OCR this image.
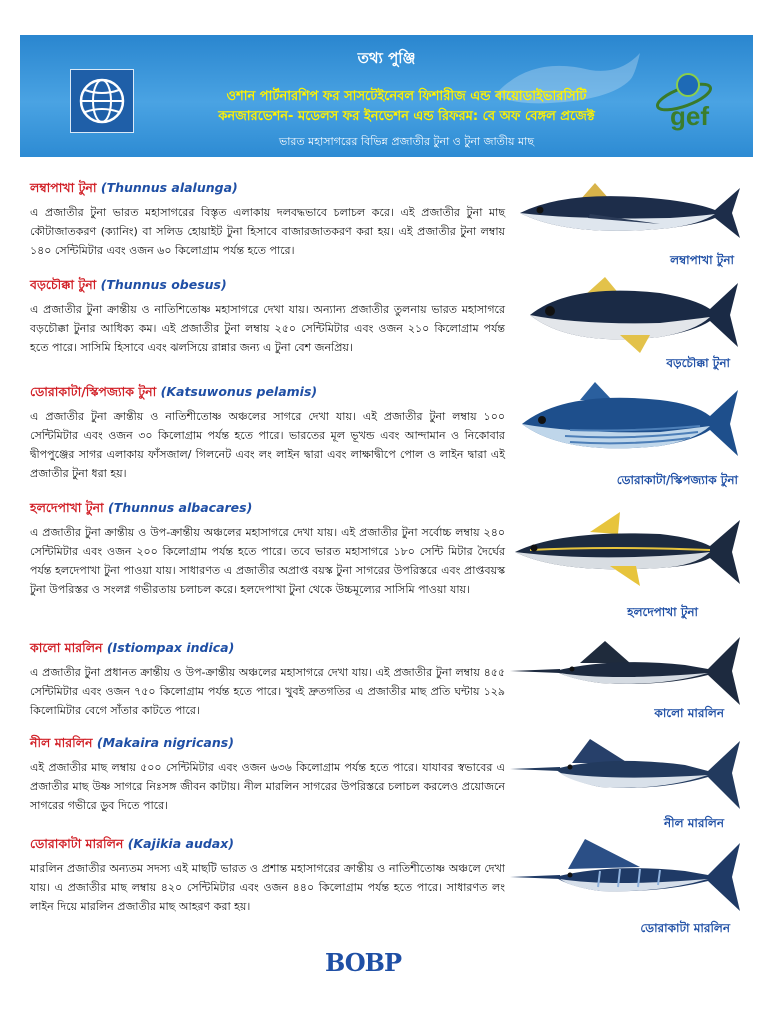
gef
তথ্য পুঞ্জি
ওশান পার্টনারশিপ ফর সাসটেইনেবল ফিশারীজ এন্ড বায়োডাইভারসিটি
কনজারভেশন- মডেলস ফর ইনভেশন এন্ড রিফরম: বে অফ বেঙ্গল প্রজেক্ট
ভারত মহাসাগরের বিভিন্ন প্রজাতীর টুনা ও টুনা জাতীয় মাছ
লম্বাপাখা টুনা (Thunnus alalunga)

এ প্রজাতীর টুনা ভারত মহাসাগরের বিস্তৃত এলাকায় দলবদ্ধভাবে চলাচল করে। এই প্রজাতীর টুনা মাছ কৌটাজাতকরণ (ক্যানিং) বা সলিড হোয়াইট টুনা হিসাবে বাজারজাতকরণ করা হয়। এই প্রজাতীর টুনা লম্বায় ১৪০ সেন্টিমিটার এবং ওজন ৬০ কিলোগ্রাম পর্যন্ত হতে পারে।

লম্বাপাখা টুনা
বড়চৌক্কা টুনা (Thunnus obesus)

এ প্রজাতীর টুনা ক্রান্তীয় ও নাতিশিতোষ্ণ মহাসাগরে দেখা যায়। অন্যান্য প্রজাতীর তুলনায় ভারত মহাসাগরে বড়চৌক্কা টুনার আধিক্য কম। এই প্রজাতীর টুনা লম্বায় ২৫০ সেন্টিমিটার এবং ওজন ২১০ কিলোগ্রাম পর্যন্ত হতে পারে। সাসিমি হিসাবে এবং ঝলসিয়ে রান্নার জন্য এ টুনা বেশ জনপ্রিয়।

বড়চৌক্কা টুনা
ডোরাকাটা/স্কিপজ্যাক টুনা (Katsuwonus pelamis)

এ প্রজাতীর টুনা ক্রান্তীয় ও নাতিশীতোষ্ণ অঞ্চলের সাগরে দেখা যায়। এই প্রজাতীর টুনা লম্বায় ১০০ সেন্টিমিটার এবং ওজন ৩০ কিলোগ্রাম পর্যন্ত হতে পারে। ভারতের মূল ভূখন্ড এবং আন্দামান ও নিকোবার দ্বীপপুঞ্জের সাগর এলাকায় ফাঁসজাল/ গিলনেট এবং লং লাইন দ্বারা এবং লাক্ষাদ্বীপে পোল ও লাইন দ্বারা এই প্রজাতীর টুনা ধরা হয়।	ডোরাকাটা/স্কিপজ্যাক টুনা
হলদেপাখা টুনা (Thunnus albacares)

এ প্রজাতীর টুনা ক্রান্তীয় ও উপ-ক্রান্তীয় অঞ্চলের মহাসাগরে দেখা যায়। এই প্রজাতীর টুনা সর্বোচ্চ লম্বায় ২৪০ সেন্টিমিটার এবং ওজন ২০০ কিলোগ্রাম পর্যন্ত হতে পারে। তবে ভারত মহাসাগরে ১৮০ সেন্টি মিটার দৈর্ঘের পর্যন্ত হলদেপাখা টুনা পাওয়া যায়। সাধারণত এ প্রজাতীর অপ্রাপ্ত বয়স্ক টুনা সাগরের উপরিস্তরে এবং প্রাপ্তবয়স্ক টুনা উপরিস্তর ও সংলগ্ন গভীরতায় চলাচল করে। হলদেপাখা টুনা থেকে উচ্চমূল্যের সাসিমি পাওয়া যায়।

হলদেপাখা টুনা
কালো মারলিন (Istiompax indica)

এ প্রজাতীর টুনা প্রধানত ক্রান্তীয় ও উপ-ক্রান্তীয় অঞ্চলের মহাসাগরে দেখা যায়। এই প্রজাতীর টুনা লম্বায় ৪৫৫ সেন্টিমিটার এবং ওজন ৭৫০ কিলোগ্রাম পর্যন্ত হতে পারে। খুবই দ্রুতগতির এ প্রজাতীর মাছ প্রতি ঘন্টায় ১২৯ কিলোমিটার বেগে সাঁতার কাটতে পারে।	কালো মারলিন
নীল মারলিন (Makaira nigricans)

এই প্রজাতীর মাছ লম্বায় ৫০০ সেন্টিমিটার এবং ওজন ৬৩৬ কিলোগ্রাম পর্যন্ত হতে পারে। যাযাবর স্বভাবের এ প্রজাতীর মাছ উষ্ণ সাগরে নিঃসঙ্গ জীবন কাটায়। নীল মারলিন সাগরের উপরিস্তরে চলাচল করলেও প্রয়োজনে সাগরের গভীরে ডুব দিতে পারে।

নীল মারলিন
ডোরাকাটা মারলিন (Kajikia audax)

মারলিন প্রজাতীর অন্যতম সদস্য এই মাছটি ভারত ও প্রশান্ত মহাসাগরের ক্রান্তীয় ও নাতিশীতোষ্ণ অঞ্চলে দেখা যায়। এ প্রজাতীর মাছ লম্বায় ৪২০ সেন্টিমিটার এবং ওজন ৪৪০ কিলোগ্রাম পর্যন্ত হতে পারে। সাধারণত লং লাইন দিয়ে মারলিন প্রজাতীর মাছ আহরণ করা হয়।

ডোরাকাটা মারলিন
BOBP
